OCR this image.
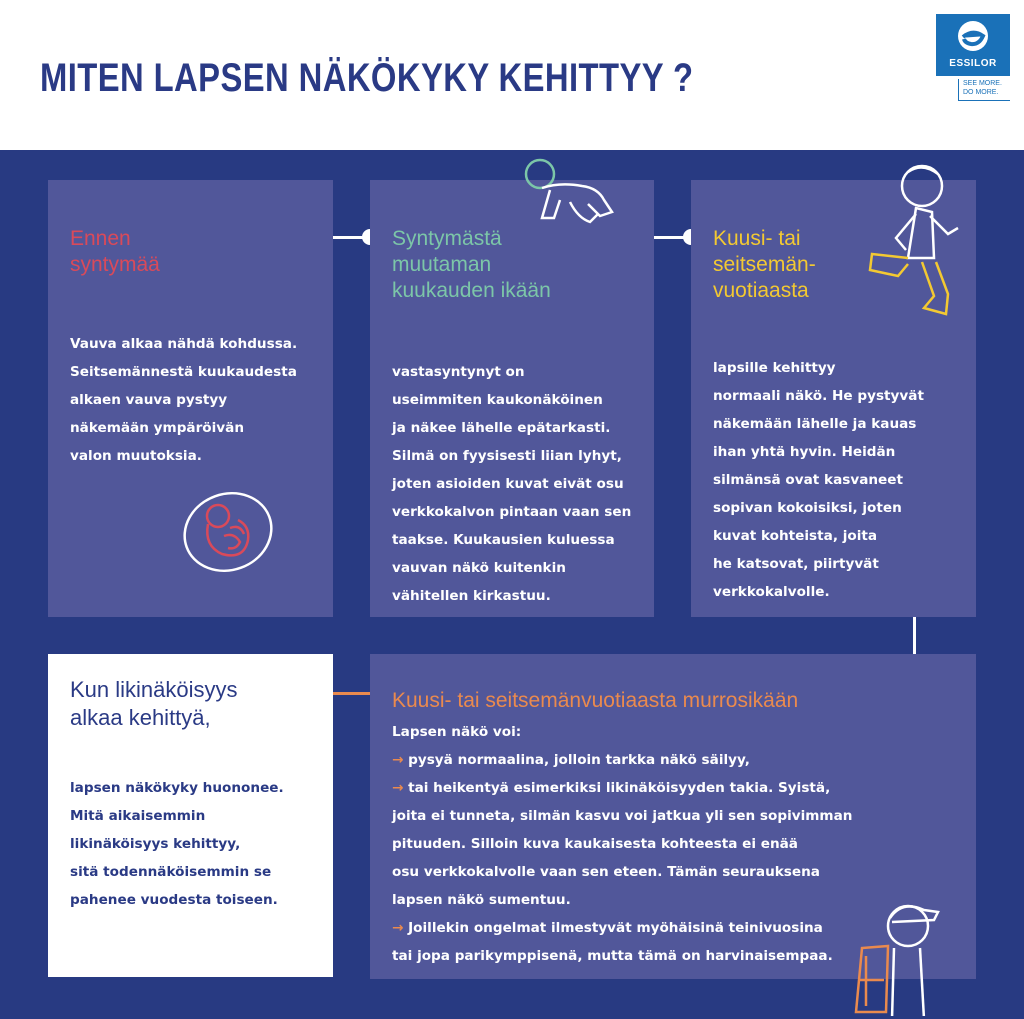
MITEN LAPSEN NÄKÖKYKY KEHITTYY ?	ESSILOR
SEE MORE.
DO MORE.
Ennen
syntymää
Vauva alkaa nähdä kohdussa.
Seitsemännestä kuukaudesta
alkaen vauva pystyy
näkemään ympäröivän
valon muutoksia.
Syntymästä
muutaman
kuukauden ikään
vastasyntynyt on
useimmiten kaukonäköinen
ja näkee lähelle epätarkasti.
Silmä on fyysisesti liian lyhyt,
joten asioiden kuvat eivät osu
verkkokalvon pintaan vaan sen
taakse. Kuukausien kuluessa
vauvan näkö kuitenkin
vähitellen kirkastuu.
Kuusi- tai
seitsemän-
vuotiaasta
lapsille kehittyy
normaali näkö. He pystyvät
näkemään lähelle ja kauas
ihan yhtä hyvin. Heidän
silmänsä ovat kasvaneet
sopivan kokoisiksi, joten
kuvat kohteista, joita
he katsovat, piirtyvät
verkkokalvolle.
Kun likinäköisyys
alkaa kehittyä,
lapsen näkökyky huononee.
Mitä aikaisemmin
likinäköisyys kehittyy,
sitä todennäköisemmin se
pahenee vuodesta toiseen.
Kuusi- tai seitsemänvuotiaasta murrosikään
Lapsen näkö voi:
→ pysyä normaalina, jolloin tarkka näkö säilyy,
→ tai heikentyä esimerkiksi likinäköisyyden takia. Syistä,
joita ei tunneta, silmän kasvu voi jatkua yli sen sopivimman
pituuden. Silloin kuva kaukaisesta kohteesta ei enää
osu verkkokalvolle vaan sen eteen. Tämän seurauksena
lapsen näkö sumentuu.
→ Joillekin ongelmat ilmestyvät myöhäisinä teinivuosina
tai jopa parikymppisenä, mutta tämä on harvinaisempaa.
